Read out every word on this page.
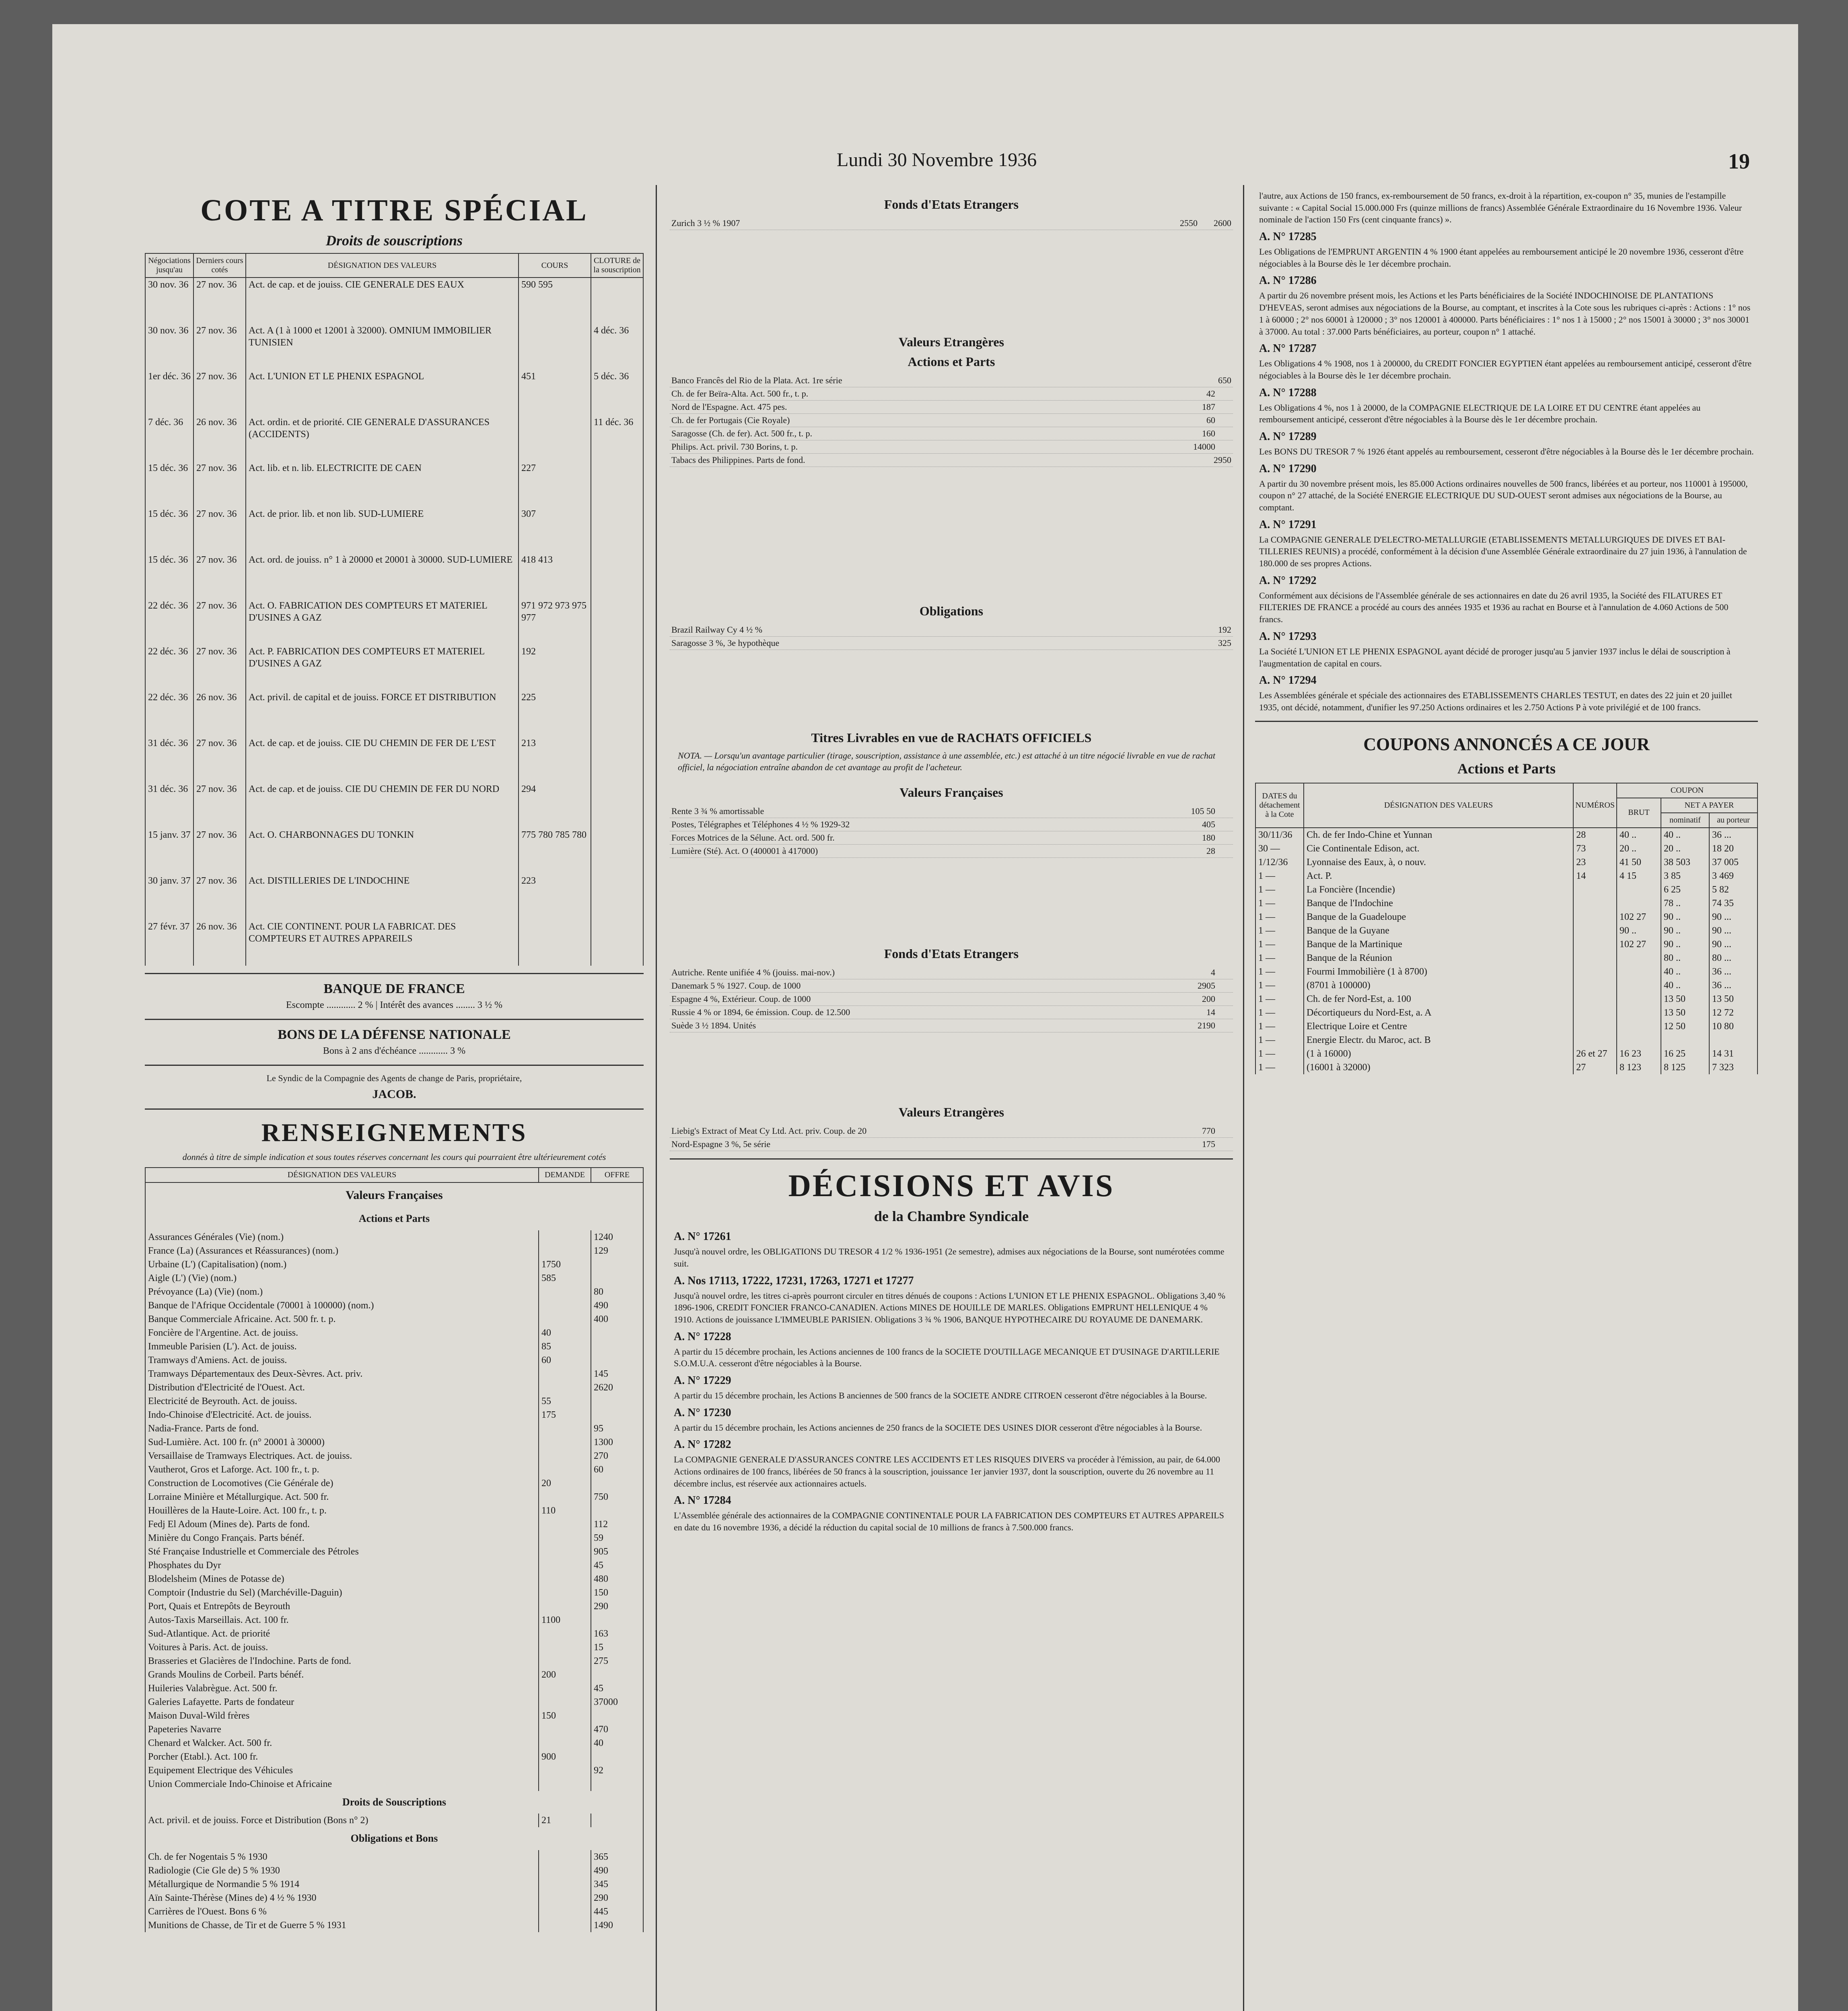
Lundi 30 Novembre 1936	19
COTE A TITRE SPÉCIAL
Droits de souscriptions
Négociations jusqu'au	Derniers cours cotés	DÉSIGNATION DES VALEURS	COURS	CLOTURE de la souscription
30 nov. 36	27 nov. 36	Act. de cap. et de jouiss. CIE GENERALE DES EAUX	590 595	
30 nov. 36	27 nov. 36	Act. A (1 à 1000 et 12001 à 32000). OMNIUM IMMOBILIER TUNISIEN		4 déc. 36
1er déc. 36	27 nov. 36	Act. L'UNION ET LE PHENIX ESPAGNOL	451	5 déc. 36
7 déc. 36	26 nov. 36	Act. ordin. et de priorité. CIE GENERALE D'ASSURANCES (ACCIDENTS)		11 déc. 36
15 déc. 36	27 nov. 36	Act. lib. et n. lib. ELECTRICITE DE CAEN	227	
15 déc. 36	27 nov. 36	Act. de prior. lib. et non lib. SUD-LUMIERE	307	
15 déc. 36	27 nov. 36	Act. ord. de jouiss. n° 1 à 20000 et 20001 à 30000. SUD-LUMIERE	418 413	
22 déc. 36	27 nov. 36	Act. O. FABRICATION DES COMPTEURS ET MATERIEL D'USINES A GAZ	971 972 973 975 977	
22 déc. 36	27 nov. 36	Act. P. FABRICATION DES COMPTEURS ET MATERIEL D'USINES A GAZ	192	
22 déc. 36	26 nov. 36	Act. privil. de capital et de jouiss. FORCE ET DISTRIBUTION	225	
31 déc. 36	27 nov. 36	Act. de cap. et de jouiss. CIE DU CHEMIN DE FER DE L'EST	213	
31 déc. 36	27 nov. 36	Act. de cap. et de jouiss. CIE DU CHEMIN DE FER DU NORD	294	
15 janv. 37	27 nov. 36	Act. O. CHARBONNAGES DU TONKIN	775 780 785 780	
30 janv. 37	27 nov. 36	Act. DISTILLERIES DE L'INDOCHINE	223	
27 févr. 37	26 nov. 36	Act. CIE CONTINENT. POUR LA FABRICAT. DES COMPTEURS ET AUTRES APPAREILS		
BANQUE DE FRANCE
Escompte ............ 2 % | Intérêt des avances ........ 3 ½ %
BONS DE LA DÉFENSE NATIONALE
Bons à 2 ans d'échéance ............ 3 %
Le Syndic de la Compagnie des Agents de change de Paris, propriétaire,
JACOB.
RENSEIGNEMENTS
donnés à titre de simple indication et sous toutes réserves concernant les cours qui pourraient être ultérieurement cotés
DÉSIGNATION DES VALEURS	DEMANDE	OFFRE
Valeurs Françaises		
Actions et Parts		
Assurances Générales (Vie) (nom.)		1240
France (La) (Assurances et Réassurances) (nom.)		129
Urbaine (L') (Capitalisation) (nom.)	1750	
Aigle (L') (Vie) (nom.)	585	
Prévoyance (La) (Vie) (nom.)		80
Banque de l'Afrique Occidentale (70001 à 100000) (nom.)		490
Banque Commerciale Africaine. Act. 500 fr. t. p.		400
Foncière de l'Argentine. Act. de jouiss.	40	
Immeuble Parisien (L'). Act. de jouiss.	85	
Tramways d'Amiens. Act. de jouiss.	60	
Tramways Départementaux des Deux-Sèvres. Act. priv.		145
Distribution d'Electricité de l'Ouest. Act.		2620
Electricité de Beyrouth. Act. de jouiss.	55	
Indo-Chinoise d'Electricité. Act. de jouiss.	175	
Nadia-France. Parts de fond.		95
Sud-Lumière. Act. 100 fr. (n° 20001 à 30000)		1300
Versaillaise de Tramways Electriques. Act. de jouiss.		270
Vautherot, Gros et Laforge. Act. 100 fr., t. p.		60
Construction de Locomotives (Cie Générale de)	20	
Lorraine Minière et Métallurgique. Act. 500 fr.		750
Houillères de la Haute-Loire. Act. 100 fr., t. p.	110	
Fedj El Adoum (Mines de). Parts de fond.		112
Minière du Congo Français. Parts bénéf.		59
Sté Française Industrielle et Commerciale des Pétroles		905
Phosphates du Dyr		45
Blodelsheim (Mines de Potasse de)		480
Comptoir (Industrie du Sel) (Marchéville-Daguin)		150
Port, Quais et Entrepôts de Beyrouth		290
Autos-Taxis Marseillais. Act. 100 fr.	1100	
Sud-Atlantique. Act. de priorité		163
Voitures à Paris. Act. de jouiss.		15
Brasseries et Glacières de l'Indochine. Parts de fond.		275
Grands Moulins de Corbeil. Parts bénéf.	200	
Huileries Valabrègue. Act. 500 fr.		45
Galeries Lafayette. Parts de fondateur		37000
Maison Duval-Wild frères	150	
Papeteries Navarre		470
Chenard et Walcker. Act. 500 fr.		40
Porcher (Etabl.). Act. 100 fr.	900	
Equipement Electrique des Véhicules		92
Union Commerciale Indo-Chinoise et Africaine		
Droits de Souscriptions		
Act. privil. et de jouiss. Force et Distribution (Bons n° 2)	21	
Obligations et Bons		
Ch. de fer Nogentais 5 % 1930		365
Radiologie (Cie Gle de) 5 % 1930		490
Métallurgique de Normandie 5 % 1914		345
Aïn Sainte-Thérèse (Mines de) 4 ½ % 1930		290
Carrières de l'Ouest. Bons 6 %		445
Munitions de Chasse, de Tir et de Guerre 5 % 1931		1490
Fonds d'Etats Etrangers
Zurich 3 ½ % 1907	2550 2600
Valeurs Etrangères
Actions et Parts
Banco Francês del Rio de la Plata. Act. 1re série	650
Ch. de fer Beïra-Alta. Act. 500 fr., t. p.	42
Nord de l'Espagne. Act. 475 pes.	187
Ch. de fer Portugais (Cie Royale)	60
Saragosse (Ch. de fer). Act. 500 fr., t. p.	160
Philips. Act. privil. 730 Borins, t. p.	14000
Tabacs des Philippines. Parts de fond.	2950
Obligations
Brazil Railway Cy 4 ½ %	192
Saragosse 3 %, 3e hypothèque	325
Titres Livrables en vue de RACHATS OFFICIELS
NOTA. — Lorsqu'un avantage particulier (tirage, souscription, assistance à une assemblée, etc.) est attaché à un titre négocié livrable en vue de rachat officiel, la négociation entraîne abandon de cet avantage au profit de l'acheteur.
Valeurs Françaises
Rente 3 ¾ % amortissable	105 50
Postes, Télégraphes et Téléphones 4 ½ % 1929-32	405
Forces Motrices de la Sélune. Act. ord. 500 fr.	180
Lumière (Sté). Act. O (400001 à 417000)	28
Fonds d'Etats Etrangers
Autriche. Rente unifiée 4 % (jouiss. mai-nov.)	4
Danemark 5 % 1927. Coup. de 1000	2905
Espagne 4 %, Extérieur. Coup. de 1000	200
Russie 4 % or 1894, 6e émission. Coup. de 12.500	14
Suède 3 ½ 1894. Unités	2190
Valeurs Etrangères
Liebig's Extract of Meat Cy Ltd. Act. priv. Coup. de 20	770
Nord-Espagne 3 %, 5e série	175
DÉCISIONS ET AVIS
de la Chambre Syndicale
A. N° 17261
Jusqu'à nouvel ordre, les OBLIGATIONS DU TRESOR 4 1/2 % 1936-1951 (2e semestre), admises aux négociations de la Bourse, sont numérotées comme suit.
A. Nos 17113, 17222, 17231, 17263, 17271 et 17277
Jusqu'à nouvel ordre, les titres ci-après pourront circuler en titres dénués de coupons : Actions L'UNION ET LE PHENIX ESPAGNOL. Obligations 3,40 % 1896-1906, CREDIT FONCIER FRANCO-CANADIEN. Actions MINES DE HOUILLE DE MARLES. Obligations EMPRUNT HELLENIQUE 4 % 1910. Actions de jouissance L'IMMEUBLE PARISIEN. Obligations 3 ¾ % 1906, BANQUE HYPOTHECAIRE DU ROYAUME DE DANEMARK.
A. N° 17228
A partir du 15 décembre prochain, les Actions anciennes de 100 francs de la SOCIETE D'OUTILLAGE MECANIQUE ET D'USINAGE D'ARTILLERIE S.O.M.U.A. cesseront d'être négociables à la Bourse.
A. N° 17229
A partir du 15 décembre prochain, les Actions B anciennes de 500 francs de la SOCIETE ANDRE CITROEN cesseront d'être négociables à la Bourse.
A. N° 17230
A partir du 15 décembre prochain, les Actions anciennes de 250 francs de la SOCIETE DES USINES DIOR cesseront d'être négociables à la Bourse.
A. N° 17282
La COMPAGNIE GENERALE D'ASSURANCES CONTRE LES ACCIDENTS ET LES RISQUES DIVERS va procéder à l'émission, au pair, de 64.000 Actions ordinaires de 100 francs, libérées de 50 francs à la souscription, jouissance 1er janvier 1937, dont la souscription, ouverte du 26 novembre au 11 décembre inclus, est réservée aux actionnaires actuels.
A. N° 17284
L'Assemblée générale des actionnaires de la COMPAGNIE CONTINENTALE POUR LA FABRICATION DES COMPTEURS ET AUTRES APPAREILS en date du 16 novembre 1936, a décidé la réduction du capital social de 10 millions de francs à 7.500.000 francs.
l'autre, aux Actions de 150 francs, ex-remboursement de 50 francs, ex-droit à la répartition, ex-coupon n° 35, munies de l'estampille suivante : « Capital Social 15.000.000 Frs (quinze millions de francs) Assemblée Générale Extraordinaire du 16 Novembre 1936. Valeur nominale de l'action 150 Frs (cent cinquante francs) ».
A. N° 17285
Les Obligations de l'EMPRUNT ARGENTIN 4 % 1900 étant appelées au remboursement anticipé le 20 novembre 1936, cesseront d'être négociables à la Bourse dès le 1er décembre prochain.
A. N° 17286
A partir du 26 novembre présent mois, les Actions et les Parts bénéficiaires de la Société INDOCHINOISE DE PLANTATIONS D'HEVEAS, seront admises aux négociations de la Bourse, au comptant, et inscrites à la Cote sous les rubriques ci-après : Actions : 1° nos 1 à 60000 ; 2° nos 60001 à 120000 ; 3° nos 120001 à 400000. Parts bénéficiaires : 1° nos 1 à 15000 ; 2° nos 15001 à 30000 ; 3° nos 30001 à 37000. Au total : 37.000 Parts bénéficiaires, au porteur, coupon n° 1 attaché.
A. N° 17287
Les Obligations 4 % 1908, nos 1 à 200000, du CREDIT FONCIER EGYPTIEN étant appelées au remboursement anticipé, cesseront d'être négociables à la Bourse dès le 1er décembre prochain.
A. N° 17288
Les Obligations 4 %, nos 1 à 20000, de la COMPAGNIE ELECTRIQUE DE LA LOIRE ET DU CENTRE étant appelées au remboursement anticipé, cesseront d'être négociables à la Bourse dès le 1er décembre prochain.
A. N° 17289
Les BONS DU TRESOR 7 % 1926 étant appelés au remboursement, cesseront d'être négociables à la Bourse dès le 1er décembre prochain.
A. N° 17290
A partir du 30 novembre présent mois, les 85.000 Actions ordinaires nouvelles de 500 francs, libérées et au porteur, nos 110001 à 195000, coupon n° 27 attaché, de la Société ENERGIE ELECTRIQUE DU SUD-OUEST seront admises aux négociations de la Bourse, au comptant.
A. N° 17291
La COMPAGNIE GENERALE D'ELECTRO-METALLURGIE (ETABLISSEMENTS METALLURGIQUES DE DIVES ET BAI-TILLERIES REUNIS) a procédé, conformément à la décision d'une Assemblée Générale extraordinaire du 27 juin 1936, à l'annulation de 180.000 de ses propres Actions.
A. N° 17292
Conformément aux décisions de l'Assemblée générale de ses actionnaires en date du 26 avril 1935, la Société des FILATURES ET FILTERIES DE FRANCE a procédé au cours des années 1935 et 1936 au rachat en Bourse et à l'annulation de 4.060 Actions de 500 francs.
A. N° 17293
La Société L'UNION ET LE PHENIX ESPAGNOL ayant décidé de proroger jusqu'au 5 janvier 1937 inclus le délai de souscription à l'augmentation de capital en cours.
A. N° 17294
Les Assemblées générale et spéciale des actionnaires des ETABLISSEMENTS CHARLES TESTUT, en dates des 22 juin et 20 juillet 1935, ont décidé, notamment, d'unifier les 97.250 Actions ordinaires et les 2.750 Actions P à vote privilégié et de 100 francs.
COUPONS ANNONCÉS A CE JOUR
Actions et Parts
DATES du détachement à la Cote	DÉSIGNATION DES VALEURS	NUMÉROS	COUPON		
			BRUT	NET A PAYER	
				nominatif	au porteur
30/11/36	Ch. de fer Indo-Chine et Yunnan	28	40 ..	40 ..	36 ...
30 —	Cie Continentale Edison, act.	73	20 ..	20 ..	18 20
1/12/36	Lyonnaise des Eaux, à, o nouv.	23	41 50	38 503	37 005
1 —	Act. P.	14	4 15	3 85	3 469
1 —	La Foncière (Incendie)			6 25	5 82
1 —	Banque de l'Indochine			78 ..	74 35
1 —	Banque de la Guadeloupe		102 27	90 ..	90 ...
1 —	Banque de la Guyane		90 ..	90 ..	90 ...
1 —	Banque de la Martinique		102 27	90 ..	90 ...
1 —	Banque de la Réunion			80 ..	80 ...
1 —	Fourmi Immobilière (1 à 8700)			40 ..	36 ...
1 —	(8701 à 100000)			40 ..	36 ...
1 —	Ch. de fer Nord-Est, a. 100			13 50	13 50
1 —	Décortiqueurs du Nord-Est, a. A			13 50	12 72
1 —	Electrique Loire et Centre			12 50	10 80
1 —	Energie Electr. du Maroc, act. B				
1 —	(1 à 16000)	26 et 27	16 23	16 25	14 31
1 —	(16001 à 32000)	27	8 123	8 125	7 323
